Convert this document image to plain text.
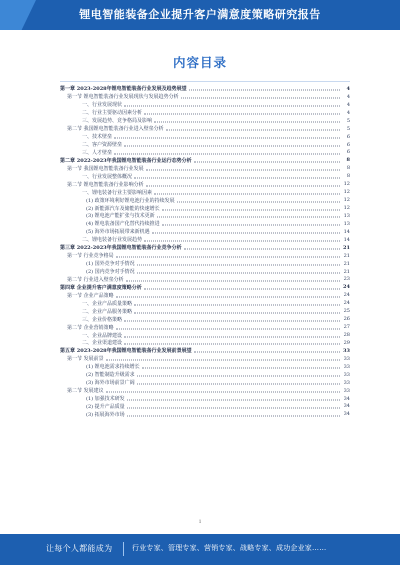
锂电智能装备企业提升客户满意度策略研究报告
内容目录
第一章 2023-2028年锂电智能装备行业发展及趋势展望	4
第一节 锂电智能装备行业发展现状与发展趋势分析	4
一、行业发展现状	4
二、行业主要驱动因素分析	4
三、发展趋势、竞争格局及影响	5
第二节 我国锂电智能装备行业进入壁垒分析	5
一、技术壁垒	6
二、客户资源壁垒	6
三、人才壁垒	6
第二章 2022-2023年我国锂电智能装备行业运行态势分析	8
第一节 我国锂电智能装备行业发展	8
一、行业发展整体概况	8
第二节 锂电智能装备行业影响分析	12
一、锂电装备行业主要影响因素	12
(1) 政策环境利好锂电池行业的持续发展	12
(2) 新能源汽车及储能的快速增长	12
(3) 锂电池产能扩张与技术更新	13
(4) 锂电装备国产化替代持续推进	13
(5) 海外市场拓展带来新机遇	14
二、锂电装备行业发展趋势	14
第三章 2022-2023年我国锂电智能装备行业竞争分析	21
第一节 行业竞争格局	21
(1) 国外竞争对手情况	21
(2) 国内竞争对手情况	21
第二节 行业进入壁垒分析	23
第四章 企业提升客户满意度策略分析	24
第一节 企业产品策略	24
一、企业产品质量策略	24
二、企业产品服务策略	25
三、企业价格策略	26
第二节 企业营销策略	27
一、企业品牌建设	28
二、企业渠道建设	29
第五章 2023-2028年我国锂电智能装备行业发展前景展望	33
第一节 发展前景	33
(1) 锂电池需求持续增长	33
(2) 智能制造升级需求	33
(3) 海外市场前景广阔	33
第二节 发展建议	33
(1) 加强技术研发	34
(2) 提升产品质量	34
(3) 拓展海外市场	34
1
让每个人都能成为	行业专家、管理专家、营销专家、战略专家、成功企业家……
